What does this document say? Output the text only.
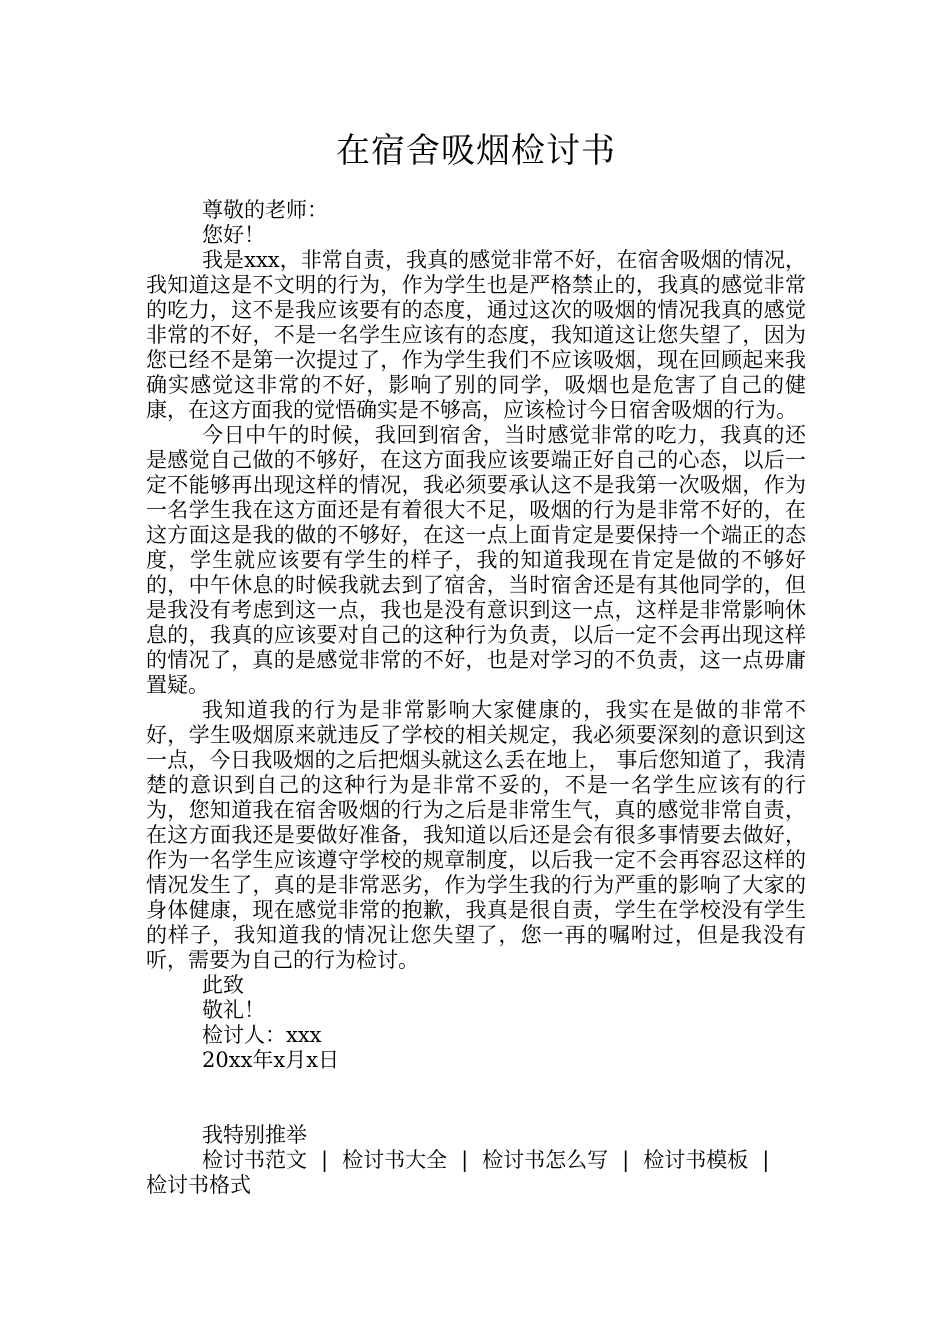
在宿舍吸烟检讨书
尊敬的老师：
您好！

我是xxx，非常自责，我真的感觉非常不好，在宿舍吸烟的情况，我知道这是不文明的行为，作为学生也是严格禁止的，我真的感觉非常的吃力，这不是我应该要有的态度，通过这次的吸烟的情况我真的感觉非常的不好，不是一名学生应该有的态度，我知道这让您失望了，因为您已经不是第一次提过了，作为学生我们不应该吸烟，现在回顾起来我确实感觉这非常的不好，影响了别的同学，吸烟也是危害了自己的健康，在这方面我的觉悟确实是不够高，应该检讨今日宿舍吸烟的行为。

今日中午的时候，我回到宿舍，当时感觉非常的吃力，我真的还是感觉自己做的不够好，在这方面我应该要端正好自己的心态，以后一定不能够再出现这样的情况，我必须要承认这不是我第一次吸烟，作为一名学生我在这方面还是有着很大不足，吸烟的行为是非常不好的，在这方面这是我的做的不够好，在这一点上面肯定是要保持一个端正的态度，学生就应该要有学生的样子，我的知道我现在肯定是做的不够好的，中午休息的时候我就去到了宿舍，当时宿舍还是有其他同学的，但是我没有考虑到这一点，我也是没有意识到这一点，这样是非常影响休息的，我真的应该要对自己的这种行为负责，以后一定不会再出现这样的情况了，真的是感觉非常的不好，也是对学习的不负责，这一点毋庸置疑。

我知道我的行为是非常影响大家健康的，我实在是做的非常不好，学生吸烟原来就违反了学校的相关规定，我必须要深刻的意识到这一点，今日我吸烟的之后把烟头就这么丢在地上， 事后您知道了，我清楚的意识到自己的这种行为是非常不妥的，不是一名学生应该有的行为，您知道我在宿舍吸烟的行为之后是非常生气，真的感觉非常自责，在这方面我还是要做好准备，我知道以后还是会有很多事情要去做好，作为一名学生应该遵守学校的规章制度，以后我一定不会再容忍这样的情况发生了，真的是非常恶劣，作为学生我的行为严重的影响了大家的身体健康，现在感觉非常的抱歉，我真是很自责，学生在学校没有学生的样子，我知道我的情况让您失望了，您一再的嘱咐过，但是我没有听，需要为自己的行为检讨。

此致
敬礼！
检讨人：xxx
20xx年x月x日
我特别推举
检讨书范文 | 检讨书大全 | 检讨书怎么写 | 检讨书模板 |
检讨书格式
